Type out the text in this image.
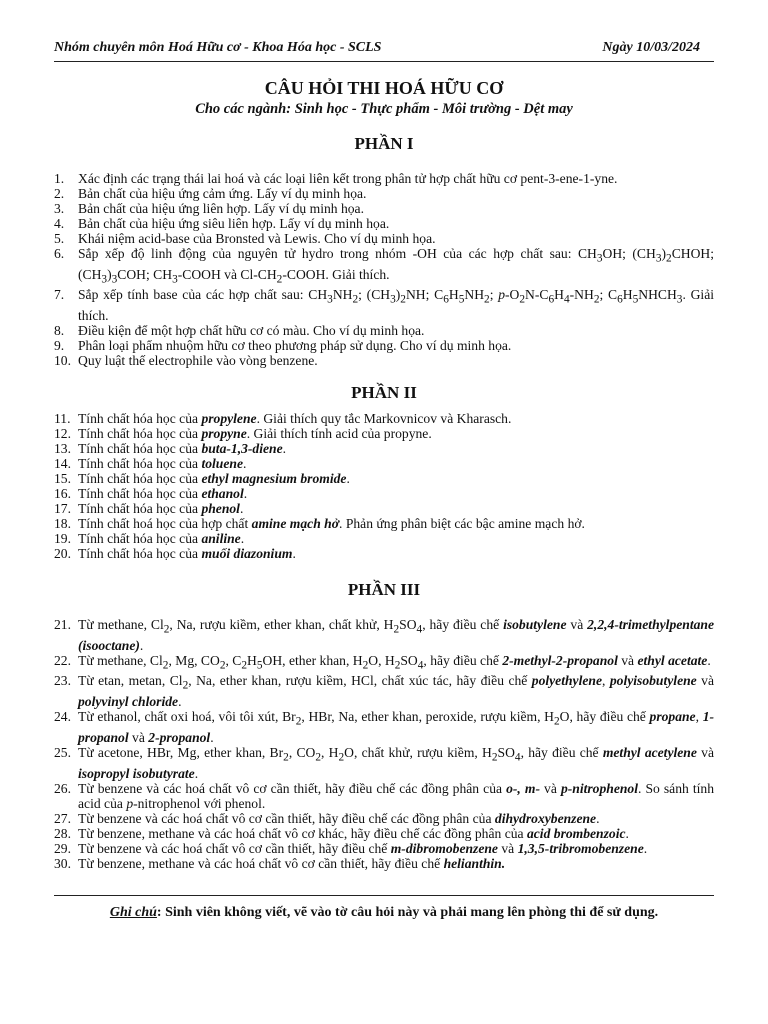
Nhóm chuyên môn Hoá Hữu cơ - Khoa Hóa học - SCLS	Ngày 10/03/2024
CÂU HỎI THI HOÁ HỮU CƠ
Cho các ngành: Sinh học - Thực phẩm - Môi trường - Dệt may
PHẦN I
1. Xác định các trạng thái lai hoá và các loại liên kết trong phân tử hợp chất hữu cơ pent-3-ene-1-yne.
2. Bản chất của hiệu ứng cảm ứng. Lấy ví dụ minh họa.
3. Bản chất của hiệu ứng liên hợp. Lấy ví dụ minh họa.
4. Bản chất của hiệu ứng siêu liên hợp. Lấy ví dụ minh họa.
5. Khái niệm acid-base của Bronsted và Lewis. Cho ví dụ minh họa.
6. Sắp xếp độ linh động của nguyên tử hydro trong nhóm -OH của các hợp chất sau: $CH_3OH$; $(CH_3)_2CHOH$; $(CH_3)_3COH$; $CH_3$-COOH và $Cl-CH_2$-COOH. Giải thích.
7. Sắp xếp tính base của các hợp chất sau: $CH_3NH_2$; $(CH_3)_2NH$; $C_6H_5NH_2$; $p-O_2N-C_6H_4-NH_2$; $C_6H_5NHCH_3$. Giải thích.
8. Điều kiện để một hợp chất hữu cơ có màu. Cho ví dụ minh họa.
9. Phân loại phẩm nhuộm hữu cơ theo phương pháp sử dụng. Cho ví dụ minh họa.
10. Quy luật thế electrophile vào vòng benzene.
PHẦN II
11. Tính chất hóa học của propylene. Giải thích quy tắc Markovnicov và Kharasch.
12. Tính chất hóa học của propyne. Giải thích tính acid của propyne.
13. Tính chất hóa học của buta-1,3-diene.
14. Tính chất hóa học của toluene.
15. Tính chất hóa học của ethyl magnesium bromide.
16. Tính chất hóa học của ethanol.
17. Tính chất hóa học của phenol.
18. Tính chất hoá học của hợp chất amine mạch hở. Phản ứng phân biệt các bậc amine mạch hở.
19. Tính chất hóa học của aniline.
20. Tính chất hóa học của muối diazonium.
PHẦN III
21. Từ methane, $Cl_2$, Na, rượu kiềm, ether khan, chất khử, $H_2SO_4$, hãy điều chế isobutylene và 2,2,4-trimethylpentane (isooctane).
22. Từ methane, $Cl_2$, Mg, $CO_2$, $C_2H_5OH$, ether khan, $H_2O$, $H_2SO_4$, hãy điều chế 2-methyl-2-propanol và ethyl acetate.
23. Từ etan, metan, $Cl_2$, Na, ether khan, rượu kiềm, HCl, chất xúc tác, hãy điều chế polyethylene, polyisobutylene và polyvinyl chloride.
24. Từ ethanol, chất oxi hoá, vôi tôi xút, $Br_2$, HBr, Na, ether khan, peroxide, rượu kiềm, $H_2O$, hãy điều chế propane, 1-propanol và 2-propanol.
25. Từ acetone, HBr, Mg, ether khan, $Br_2$, $CO_2$, $H_2O$, chất khử, rượu kiềm, $H_2SO_4$, hãy điều chế methyl acetylene và isopropyl isobutyrate.
26. Từ benzene và các hoá chất vô cơ cần thiết, hãy điều chế các đồng phân của o-, m- và p-nitrophenol. So sánh tính acid của p-nitrophenol với phenol.
27. Từ benzene và các hoá chất vô cơ cần thiết, hãy điều chế các đồng phân của dihydroxybenzene.
28. Từ benzene, methane và các hoá chất vô cơ khác, hãy điều chế các đồng phân của acid brombenzoic.
29. Từ benzene và các hoá chất vô cơ cần thiết, hãy điều chế m-dibromobenzene và 1,3,5-tribromobenzene.
30. Từ benzene, methane và các hoá chất vô cơ cần thiết, hãy điều chế helianthin.
Ghi chú: Sinh viên không viết, vẽ vào tờ câu hỏi này và phải mang lên phòng thi để sử dụng.
